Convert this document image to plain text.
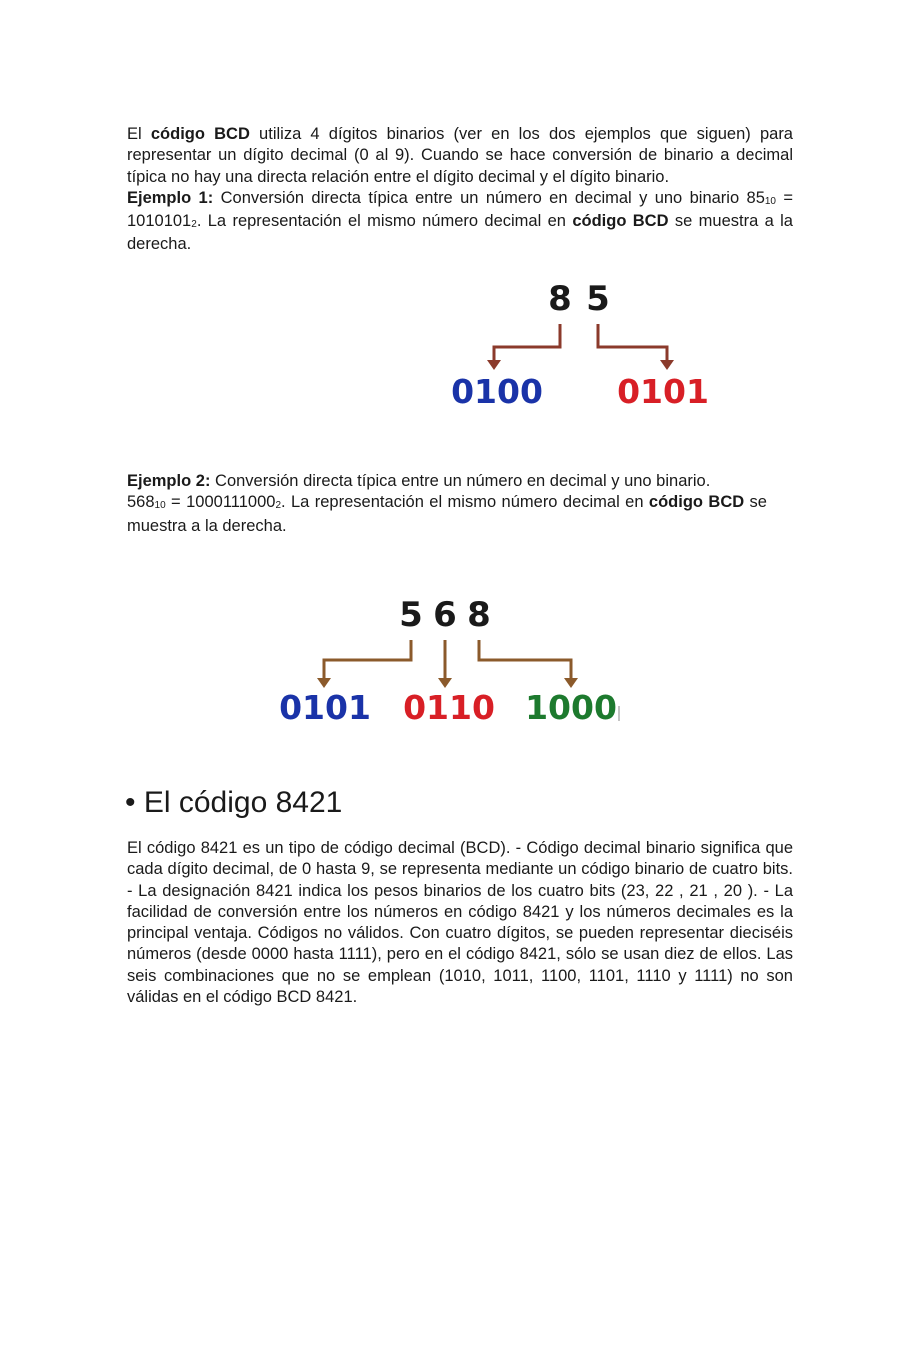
El código BCD utiliza 4 dígitos binarios (ver en los dos ejemplos que siguen) para representar un dígito decimal (0 al 9). Cuando se hace conversión de binario a decimal típica no hay una directa relación entre el dígito decimal y el dígito binario.
Ejemplo 1: Conversión directa típica entre un número en decimal y uno binario 8510 = 10101012. La representación el mismo número decimal en código BCD se muestra a la derecha.

8 5
0100 0101
5 6 8
0101 0110 1000

Ejemplo 2: Conversión directa típica entre un número en decimal y uno binario.
56810 = 10001110002. La representación el mismo número decimal en código BCD se muestra a la derecha.

• El código 8421

El código 8421 es un tipo de código decimal (BCD). - Código decimal binario significa que cada dígito decimal, de 0 hasta 9, se representa mediante un código binario de cuatro bits. - La designación 8421 indica los pesos binarios de los cuatro bits (23, 22 , 21 , 20 ). - La facilidad de conversión entre los números en código 8421 y los números decimales es la principal ventaja. Códigos no válidos. Con cuatro dígitos, se pueden representar dieciséis números (desde 0000 hasta 1111), pero en el código 8421, sólo se usan diez de ellos. Las seis combinaciones que no se emplean (1010, 1011, 1100, 1101, 1110 y 1111) no son válidas en el código BCD 8421.
